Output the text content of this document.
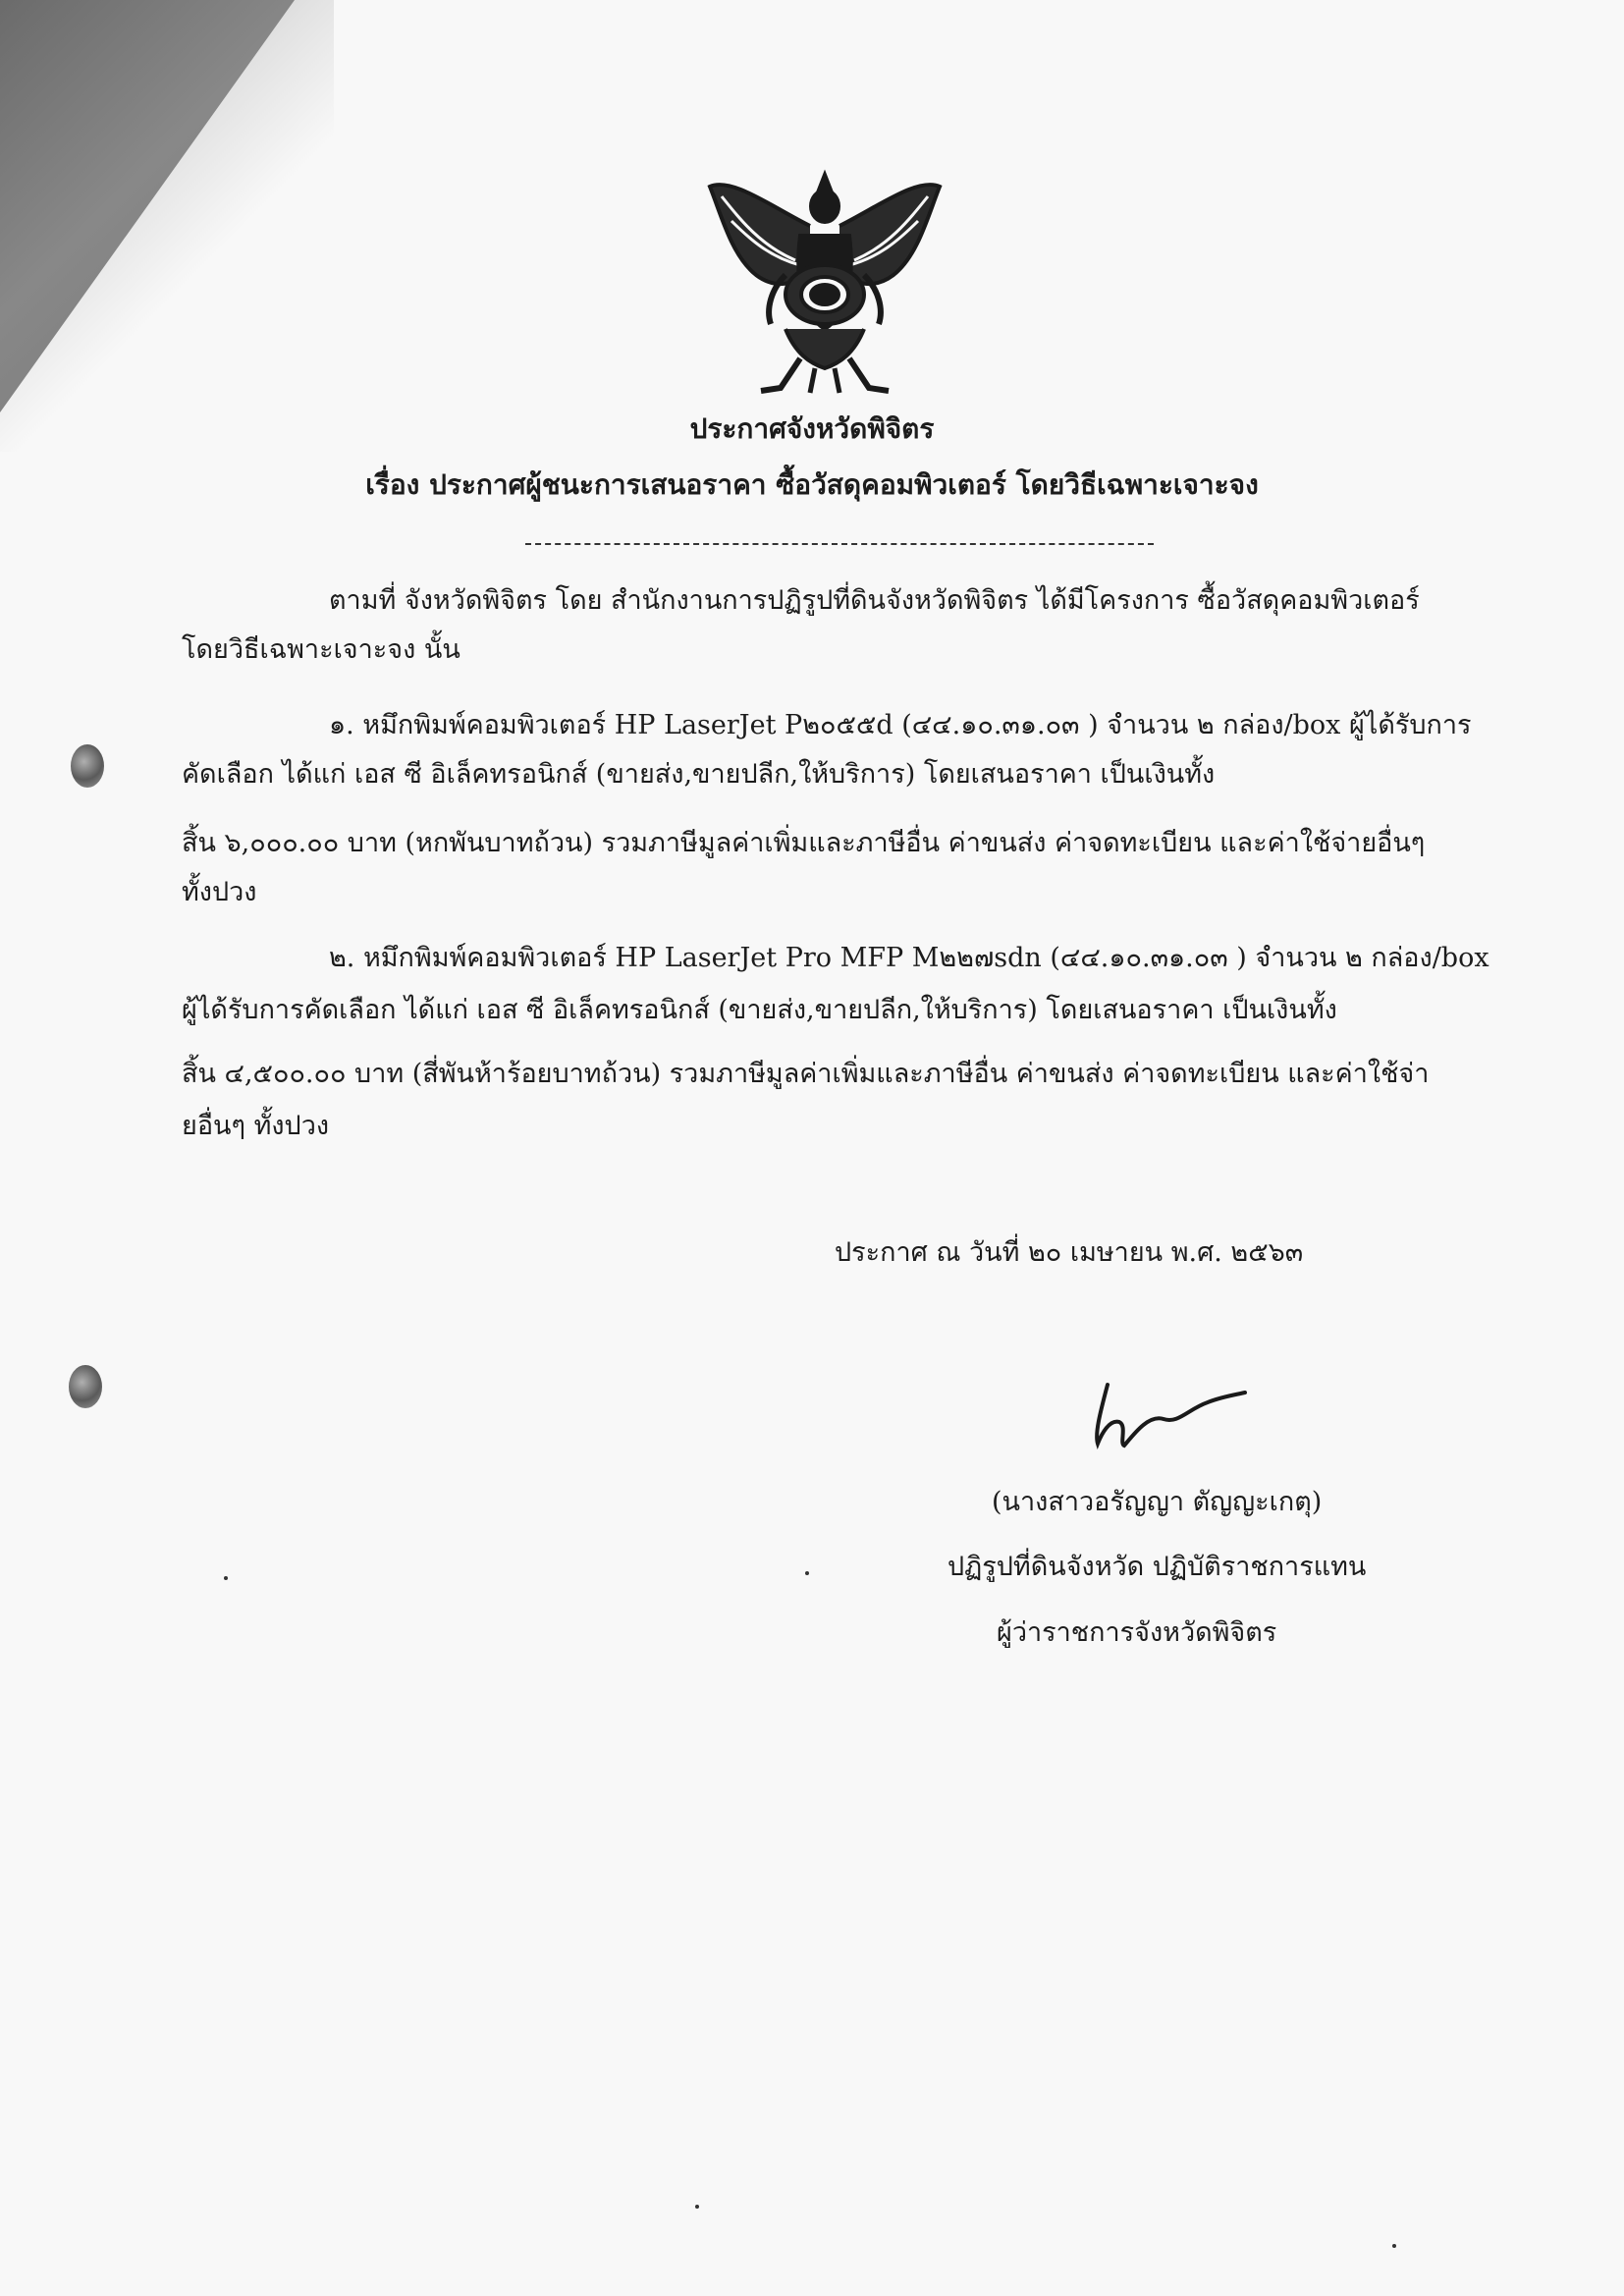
ประกาศจังหวัดพิจิตร
เรื่อง ประกาศผู้ชนะการเสนอราคา ซื้อวัสดุคอมพิวเตอร์ โดยวิธีเฉพาะเจาะจง
ตามที่ จังหวัดพิจิตร โดย สำนักงานการปฏิรูปที่ดินจังหวัดพิจิตร ได้มีโครงการ ซื้อวัสดุคอมพิวเตอร์
โดยวิธีเฉพาะเจาะจง นั้น
๑. หมึกพิมพ์คอมพิวเตอร์ HP LaserJet P๒๐๕๕d (๔๔.๑๐.๓๑.๐๓ ) จำนวน ๒ กล่อง/box ผู้ได้รับการ
คัดเลือก ได้แก่ เอส ซี อิเล็คทรอนิกส์ (ขายส่ง,ขายปลีก,ให้บริการ) โดยเสนอราคา เป็นเงินทั้ง
สิ้น ๖,๐๐๐.๐๐ บาท (หกพันบาทถ้วน) รวมภาษีมูลค่าเพิ่มและภาษีอื่น ค่าขนส่ง ค่าจดทะเบียน และค่าใช้จ่ายอื่นๆ
ทั้งปวง
๒. หมึกพิมพ์คอมพิวเตอร์ HP LaserJet Pro MFP M๒๒๗sdn (๔๔.๑๐.๓๑.๐๓ ) จำนวน ๒ กล่อง/box
ผู้ได้รับการคัดเลือก ได้แก่ เอส ซี อิเล็คทรอนิกส์ (ขายส่ง,ขายปลีก,ให้บริการ) โดยเสนอราคา เป็นเงินทั้ง
สิ้น ๔,๕๐๐.๐๐ บาท (สี่พันห้าร้อยบาทถ้วน) รวมภาษีมูลค่าเพิ่มและภาษีอื่น ค่าขนส่ง ค่าจดทะเบียน และค่าใช้จ่า
ยอื่นๆ ทั้งปวง
ประกาศ ณ วันที่ ๒๐ เมษายน พ.ศ. ๒๕๖๓
(นางสาวอรัญญา ตัญญะเกตุ)
ปฏิรูปที่ดินจังหวัด ปฏิบัติราชการแทน
ผู้ว่าราชการจังหวัดพิจิตร
